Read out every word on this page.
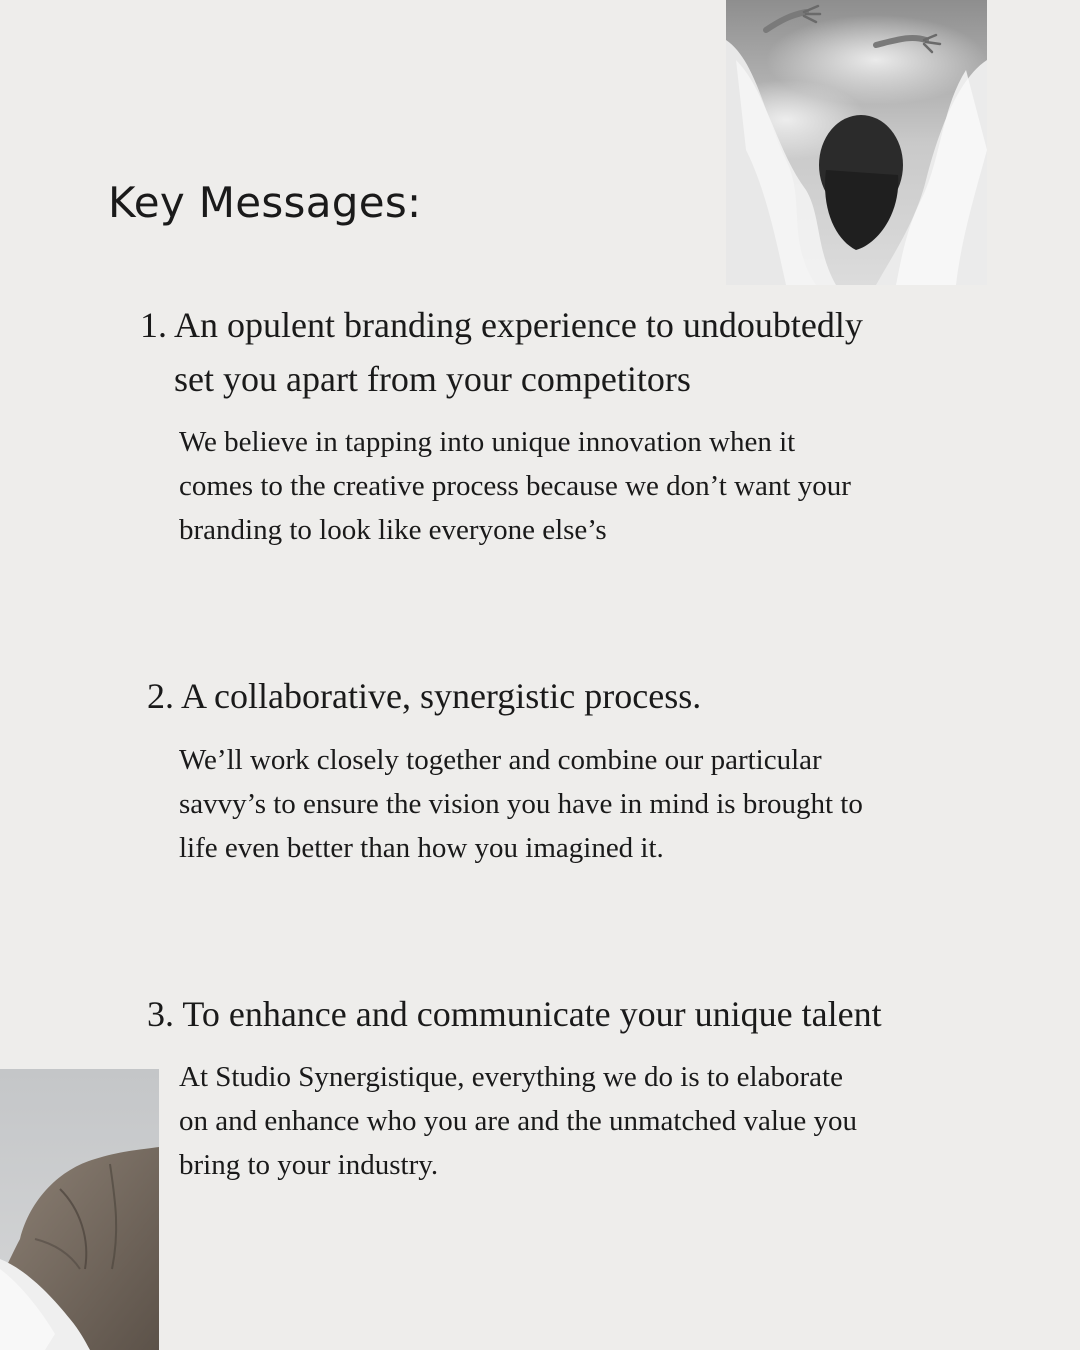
Key Messages:
1. An opulent branding experience to undoubtedly
set you apart from your competitors

We believe in tapping into unique innovation when it comes to the creative process because we don’t want your branding to look like everyone else’s

2. A collaborative, synergistic process.

We’ll work closely together and combine our particular savvy’s to ensure the vision you have in mind is brought to life even better than how you imagined it.

3. To enhance and communicate your unique talent

At Studio Synergistique, everything we do is to elaborate on and enhance who you are and the unmatched value you bring to your industry.
